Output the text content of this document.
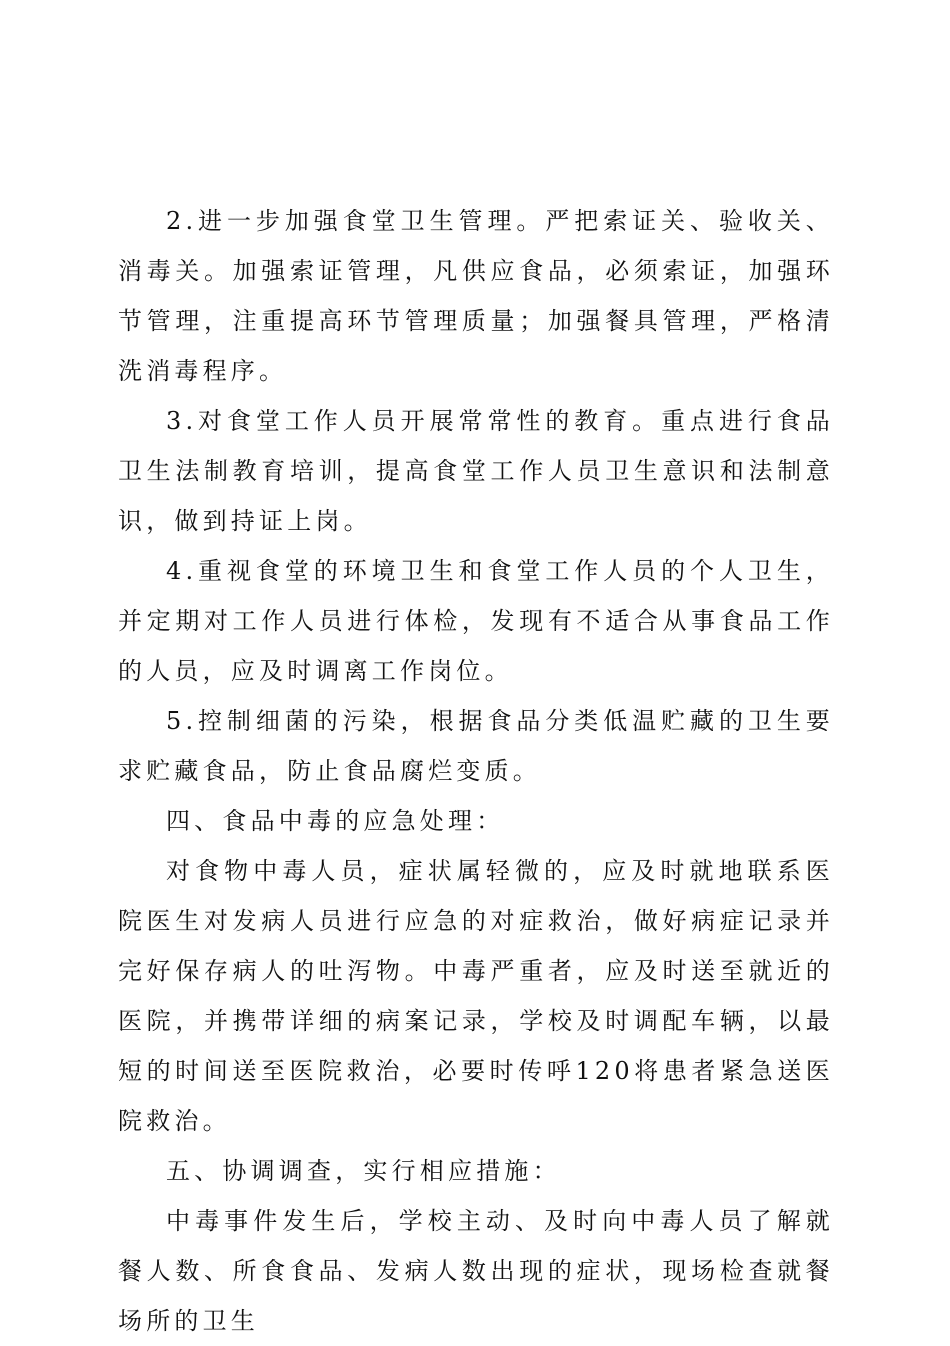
2.进一步加强食堂卫生管理。严把索证关、验收关、消毒关。加强索证管理，凡供应食品，必须索证，加强环节管理，注重提高环节管理质量；加强餐具管理，严格清洗消毒程序。

3.对食堂工作人员开展常常性的教育。重点进行食品卫生法制教育培训，提高食堂工作人员卫生意识和法制意识，做到持证上岗。

4.重视食堂的环境卫生和食堂工作人员的个人卫生，并定期对工作人员进行体检，发现有不适合从事食品工作的人员，应及时调离工作岗位。

5.控制细菌的污染，根据食品分类低温贮藏的卫生要求贮藏食品，防止食品腐烂变质。

四、食品中毒的应急处理：

对食物中毒人员，症状属轻微的，应及时就地联系医院医生对发病人员进行应急的对症救治，做好病症记录并完好保存病人的吐泻物。中毒严重者，应及时送至就近的医院，并携带详细的病案记录，学校及时调配车辆，以最短的时间送至医院救治，必要时传呼120将患者紧急送医院救治。

五、协调调查，实行相应措施：

中毒事件发生后，学校主动、及时向中毒人员了解就餐人数、所食食品、发病人数出现的症状，现场检查就餐场所的卫生
